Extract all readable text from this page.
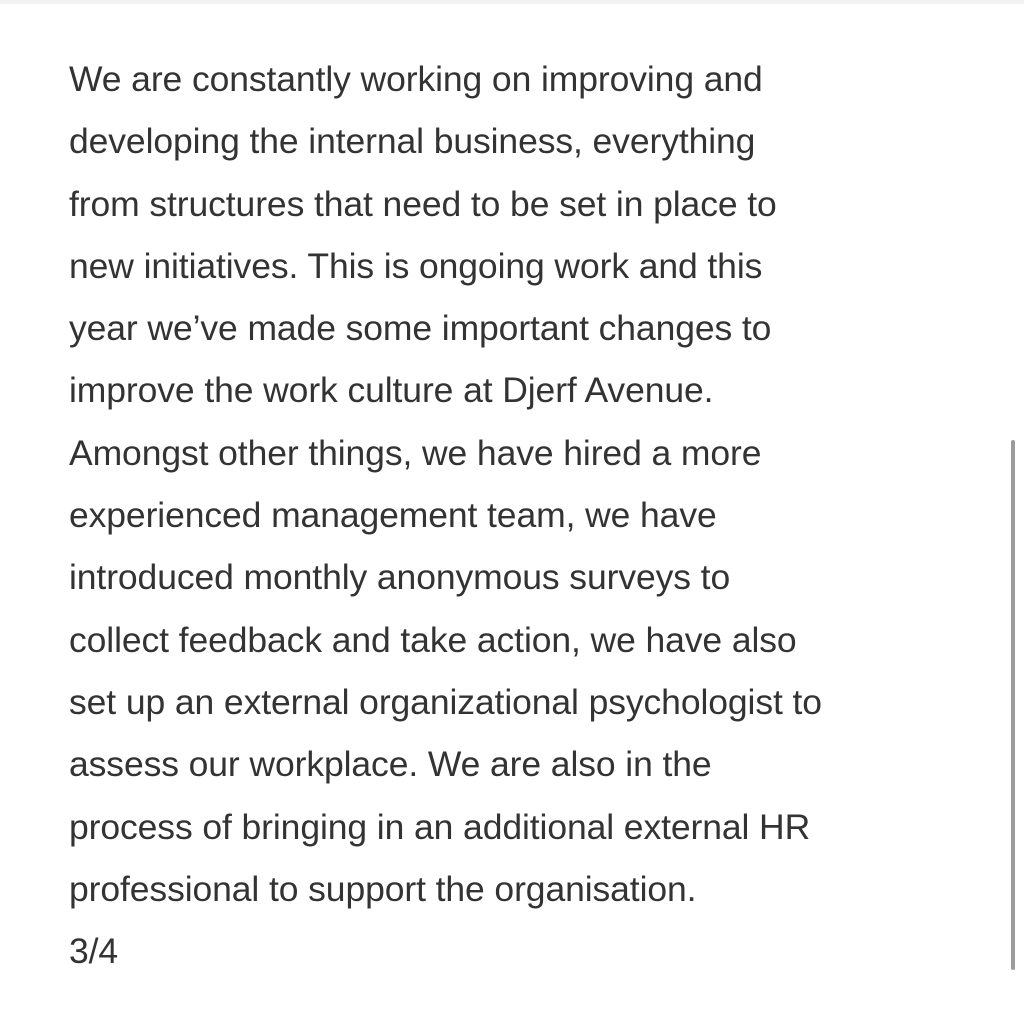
We are constantly working on improving and
developing the internal business, everything
from structures that need to be set in place to
new initiatives. This is ongoing work and this
year we’ve made some important changes to
improve the work culture at Djerf Avenue.
Amongst other things, we have hired a more
experienced management team, we have
introduced monthly anonymous surveys to
collect feedback and take action, we have also
set up an external organizational psychologist to
assess our workplace. We are also in the
process of bringing in an additional external HR
professional to support the organisation.
3/4
